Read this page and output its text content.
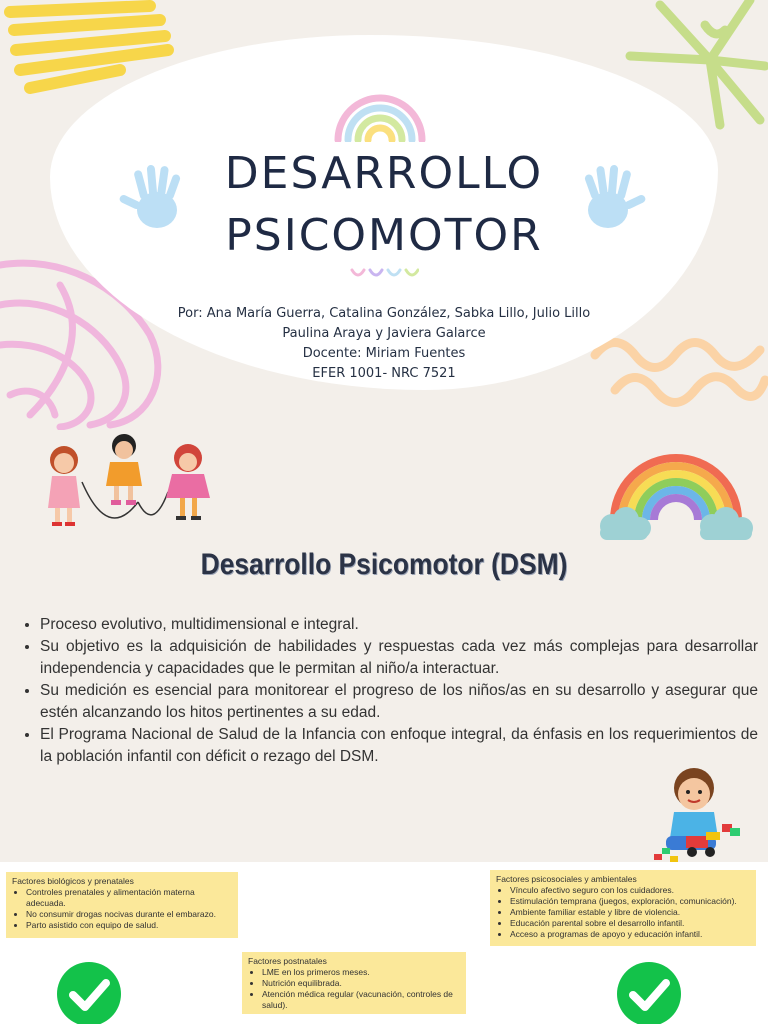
DESARROLLO
PSICOMOTOR
Por: Ana María Guerra, Catalina González, Sabka Lillo, Julio Lillo
Paulina Araya y Javiera Galarce
Docente: Miriam Fuentes
EFER 1001- NRC 7521
Desarrollo Psicomotor (DSM)
• Proceso evolutivo, multidimensional e integral.
• Su objetivo es la adquisición de habilidades y respuestas cada vez más complejas para desarrollar independencia y capacidades que le permitan al niño/a interactuar.
• Su medición es esencial para monitorear el progreso de los niños/as en su desarrollo y asegurar que estén alcanzando los hitos pertinentes a su edad.
• El Programa Nacional de Salud de la Infancia con enfoque integral, da énfasis en los requerimientos de la población infantil con déficit o rezago del DSM.
Factores biológicos y prenatales
• Controles prenatales y alimentación materna adecuada.
• No consumir drogas nocivas durante el embarazo.
• Parto asistido con equipo de salud.
Factores psicosociales y ambientales
• Vínculo afectivo seguro con los cuidadores.
• Estimulación temprana (juegos, exploración, comunicación).
• Ambiente familiar estable y libre de violencia.
• Educación parental sobre el desarrollo infantil.
• Acceso a programas de apoyo y educación infantil.
Factores postnatales
• LME en los primeros meses.
• Nutrición equilibrada.
• Atención médica regular (vacunación, controles de salud).
